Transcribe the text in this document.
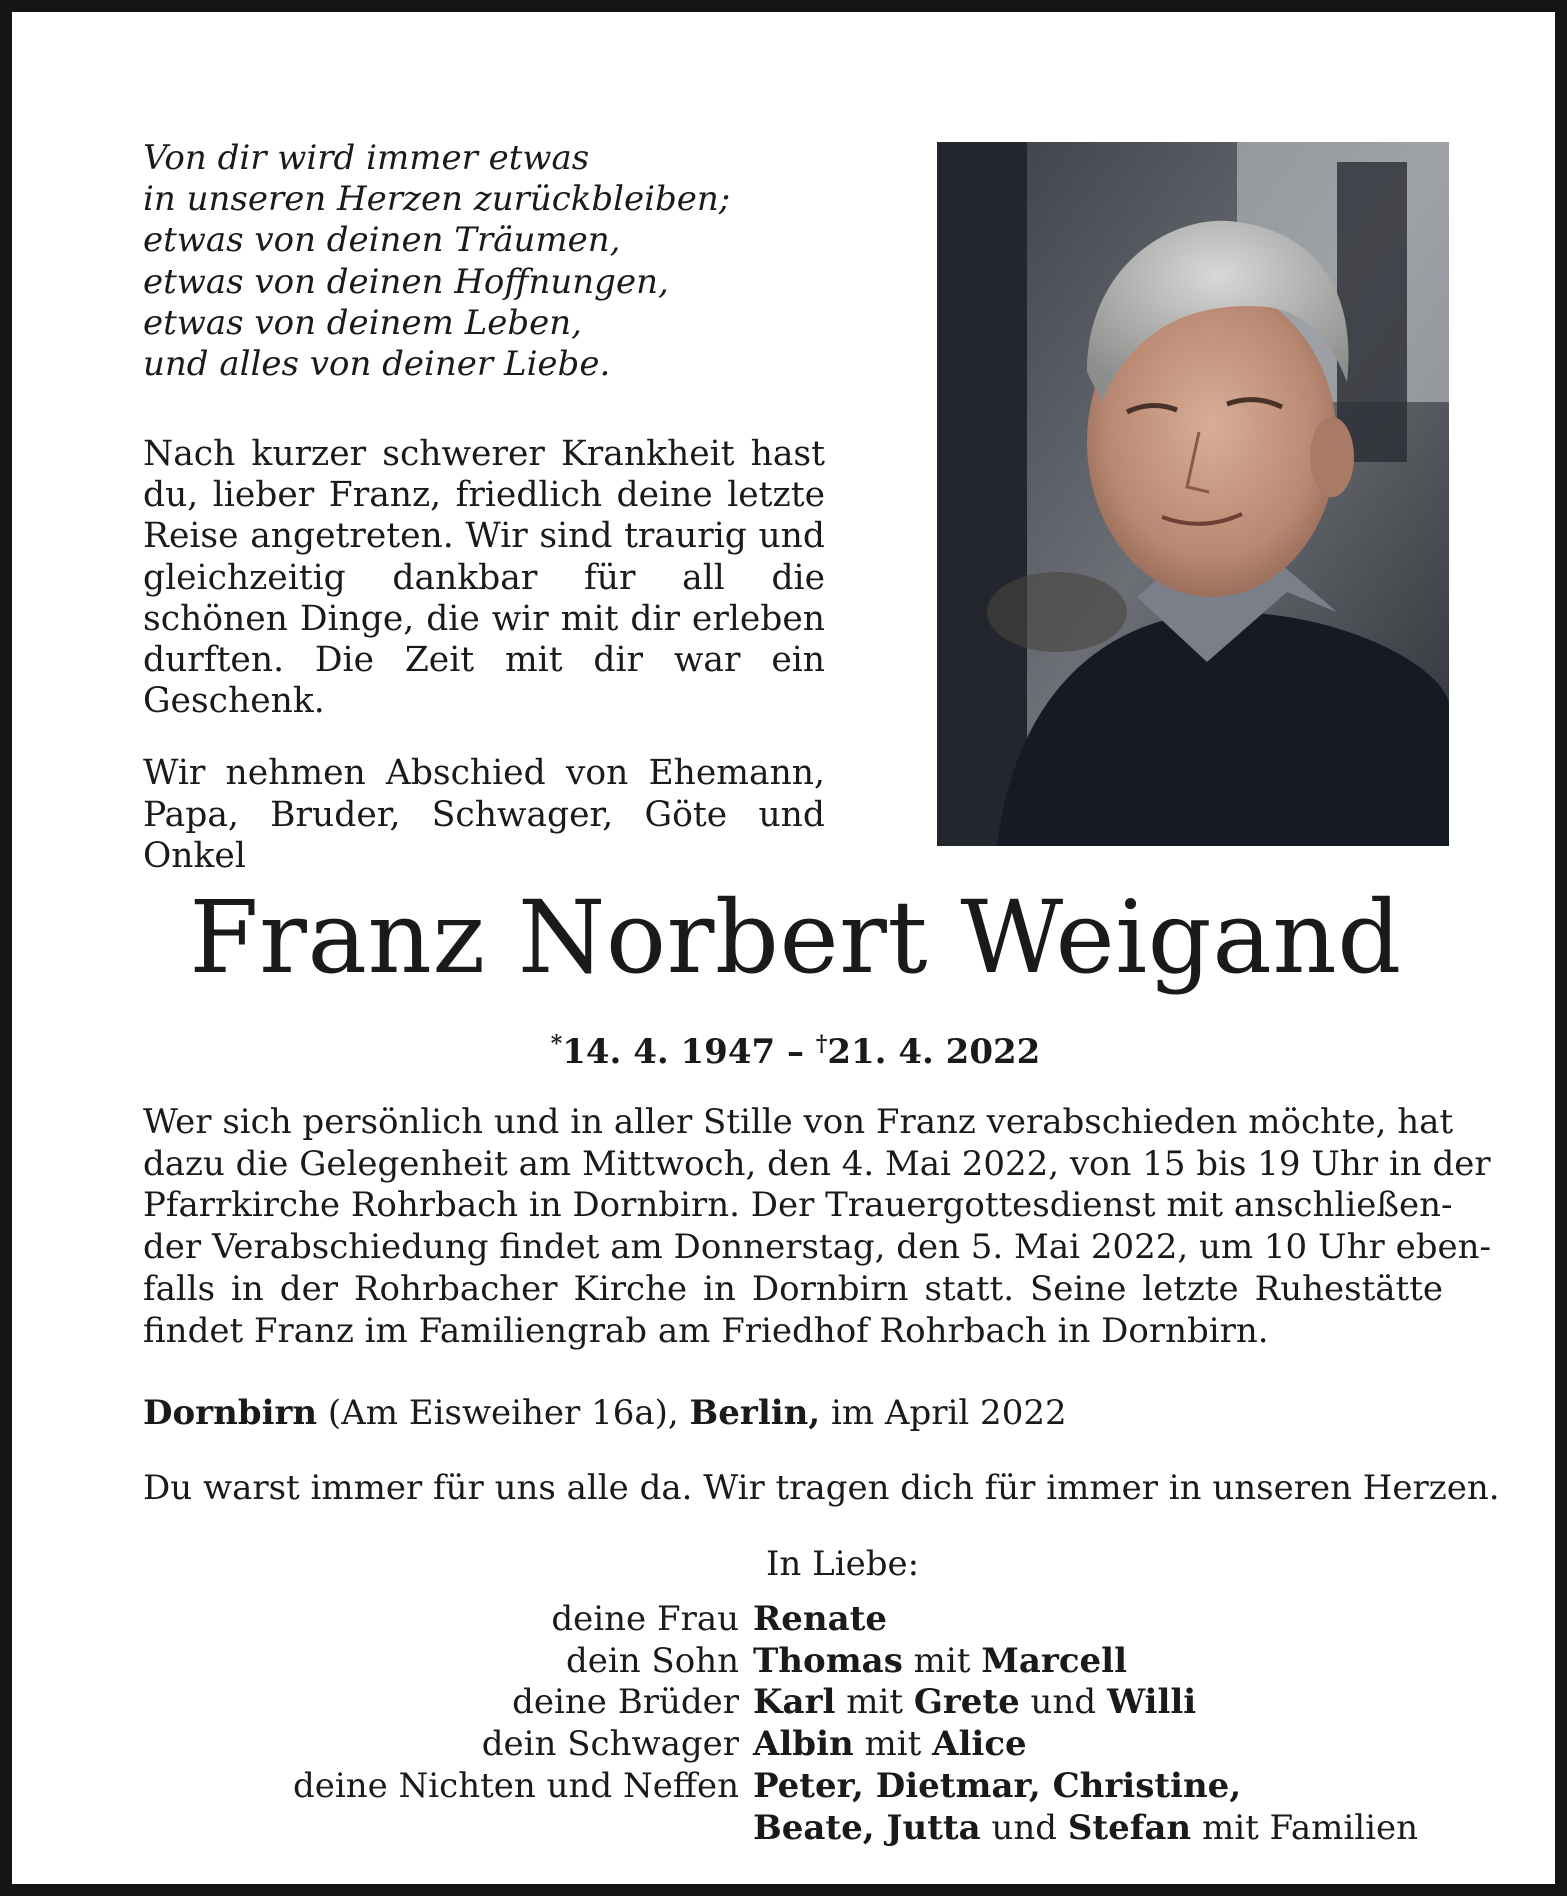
Von dir wird immer etwas
in unseren Herzen zurückbleiben;
etwas von deinen Träumen,
etwas von deinen Hoffnungen,
etwas von deinem Leben,
und alles von deiner Liebe.

Nach kurzer schwerer Krankheit hast du, lieber Franz, friedlich deine letzte Reise angetreten. Wir sind traurig und gleichzeitig dankbar für all die schönen Dinge, die wir mit dir erleben durften. Die Zeit mit dir war ein Geschenk.

Wir nehmen Abschied von Ehemann, Papa, Bruder, Schwager, Göte und Onkel

Franz Norbert Weigand
*14. 4. 1947 – †21. 4. 2022
Wer sich persönlich und in aller Stille von Franz verabschieden möchte, hat
dazu die Gelegenheit am Mittwoch, den 4. Mai 2022, von 15 bis 19 Uhr in der
Pfarrkirche Rohrbach in Dornbirn. Der Trauergottesdienst mit anschließen-
der Verabschiedung findet am Donnerstag, den 5. Mai 2022, um 10 Uhr eben-
falls in der Rohrbacher Kirche in Dornbirn statt. Seine letzte Ruhestätte
findet Franz im Familiengrab am Friedhof Rohrbach in Dornbirn.
Dornbirn (Am Eisweiher 16a), Berlin, im April 2022
Du warst immer für uns alle da. Wir tragen dich für immer in unseren Herzen.
In Liebe:
deine Frau Renate
dein Sohn Thomas mit Marcell
deine Brüder Karl mit Grete und Willi
dein Schwager Albin mit Alice
deine Nichten und Neffen Peter, Dietmar, Christine,
Beate, Jutta und Stefan mit Familien
